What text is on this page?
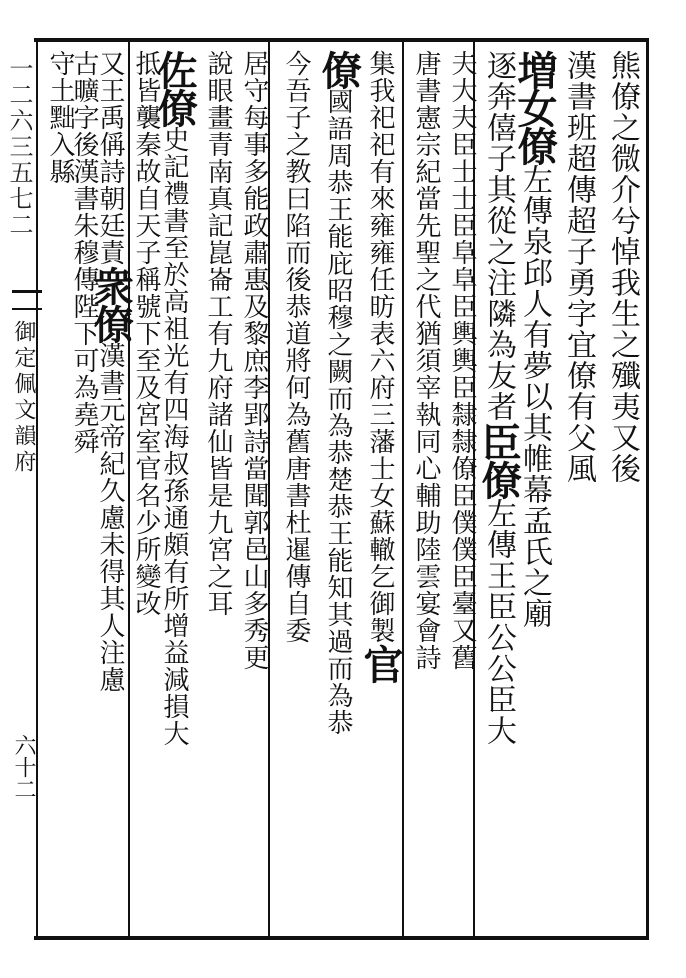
一二六三五七二
御定佩文韻府
六十二
熊僚之微介兮悼我生之殲夷又後
漢書班超傳超子勇字宜僚有父風
増女僚左傳泉邱人有夢以其帷幕孟氏之廟
逐奔僖子其從之注隣為友者臣僚左傳王臣公公臣大
夫大夫臣士士臣阜阜臣輿輿臣隸隸僚臣僕僕臣臺又舊
唐書憲宗紀當先聖之代猶須宰執同心輔助陸雲宴會詩
集我祀祀有來雍雍任昉表六府三藩士女蘇轍乞御製官
僚國語周恭王能庇昭穆之闕而為恭楚恭王能知其過而為恭
今吾子之教曰陷而後恭道將何為舊唐書杜暹傳自委
居守每事多能政肅惠及黎庶李郢詩當聞郭邑山多秀更
說眼畫青南真記崑崙工有九府諸仙皆是九宮之耳
佐僚史記禮書至於高祖光有四海叔孫通頗有所增益減損大
抵皆襲秦故自天子稱號下至及宮室官名少所變改
又王禹偁詩朝廷責衆僚漢書元帝紀久慮未得其人注慮
古曠字後漢書朱穆傳陛下可為堯舜
守土黜入縣
